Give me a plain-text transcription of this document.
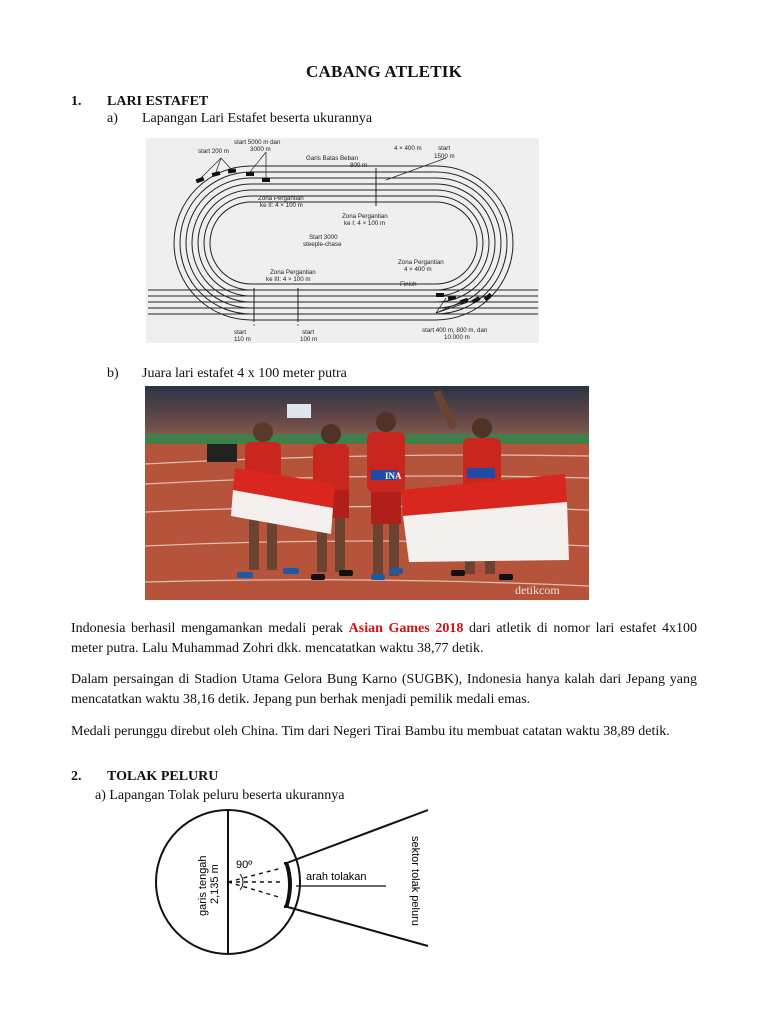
CABANG ATLETIK
1. LARI ESTAFET
a) Lapangan Lari Estafet beserta ukurannya
start 5000 m dan
3000 m
start 200 m
Garis Batas Beban
800 m
4 × 400 m	start
1500 m
Zona Pergantian
ke II: 4 × 100 m
Zona Pergantian
ke I: 4 × 100 m
Start 3000
steeple-chase
Zona Pergantian
ke III: 4 × 100 m
Zona Pergantian
4 × 400 m
Finish
start
110 m
start
100 m
start 400 m, 800 m, dan
10.000 m
b) Juara lari estafet 4 x 100 meter putra
INA
detikcom
Indonesia berhasil mengamankan medali perak Asian Games 2018 dari atletik di nomor lari estafet 4x100 meter putra. Lalu Muhammad Zohri dkk. mencatatkan waktu 38,77 detik.
Dalam persaingan di Stadion Utama Gelora Bung Karno (SUGBK), Indonesia hanya kalah dari Jepang yang mencatatkan waktu 38,16 detik. Jepang pun berhak menjadi pemilik medali emas.
Medali perunggu direbut oleh China. Tim dari Negeri Tirai Bambu itu membuat catatan waktu 38,89 detik.
2. TOLAK PELURU
a) Lapangan Tolak peluru beserta ukurannya
garis tengah 2,135 m 90º
arah tolakan	sektor tolak peluru
